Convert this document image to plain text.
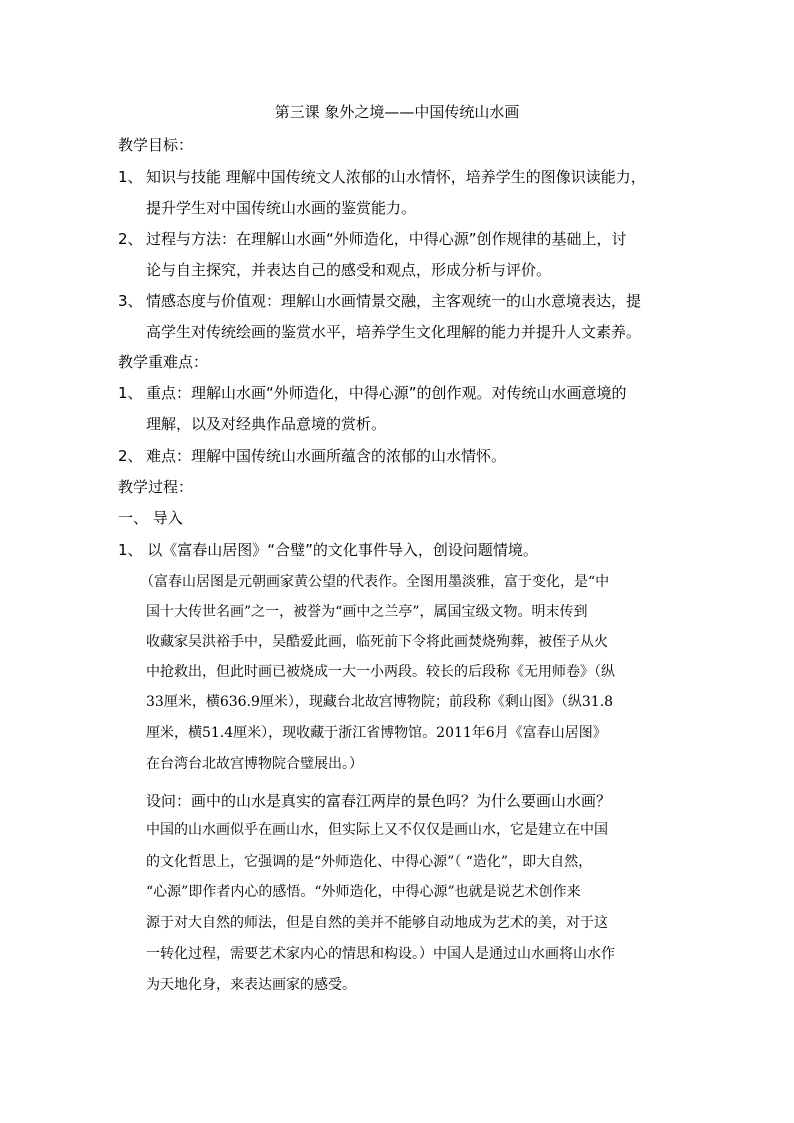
第三课 象外之境——中国传统山水画
教学目标：
1、 知识与技能 理解中国传统文人浓郁的山水情怀，培养学生的图像识读能力，
提升学生对中国传统山水画的鉴赏能力。
2、 过程与方法：在理解山水画“外师造化，中得心源”创作规律的基础上，讨
论与自主探究，并表达自己的感受和观点，形成分析与评价。
3、 情感态度与价值观：理解山水画情景交融，主客观统一的山水意境表达，提
高学生对传统绘画的鉴赏水平，培养学生文化理解的能力并提升人文素养。
教学重难点：
1、 重点：理解山水画“外师造化，中得心源”的创作观。对传统山水画意境的
理解，以及对经典作品意境的赏析。
2、 难点：理解中国传统山水画所蕴含的浓郁的山水情怀。
教学过程：
一、 导入
1、 以《富春山居图》“合璧”的文化事件导入，创设问题情境。
（富春山居图是元朝画家黄公望的代表作。全图用墨淡雅，富于变化，是“中
国十大传世名画”之一，被誉为“画中之兰亭”，属国宝级文物。明末传到
收藏家吴洪裕手中，吴酷爱此画，临死前下令将此画焚烧殉葬，被侄子从火
中抢救出，但此时画已被烧成一大一小两段。较长的后段称《无用师卷》（纵
33厘米，横636.9厘米），现藏台北故宫博物院；前段称《剩山图》（纵31.8
厘米，横51.4厘米），现收藏于浙江省博物馆。2011年6月《富春山居图》
在台湾台北故宫博物院合璧展出。）
设问：画中的山水是真实的富春江两岸的景色吗？为什么要画山水画？
中国的山水画似乎在画山水，但实际上又不仅仅是画山水，它是建立在中国
的文化哲思上，它强调的是“外师造化、中得心源”（ “造化”，即大自然，
“心源”即作者内心的感悟。“外师造化，中得心源”也就是说艺术创作来
源于对大自然的师法，但是自然的美并不能够自动地成为艺术的美，对于这
一转化过程，需要艺术家内心的情思和构设。）中国人是通过山水画将山水作
为天地化身，来表达画家的感受。
